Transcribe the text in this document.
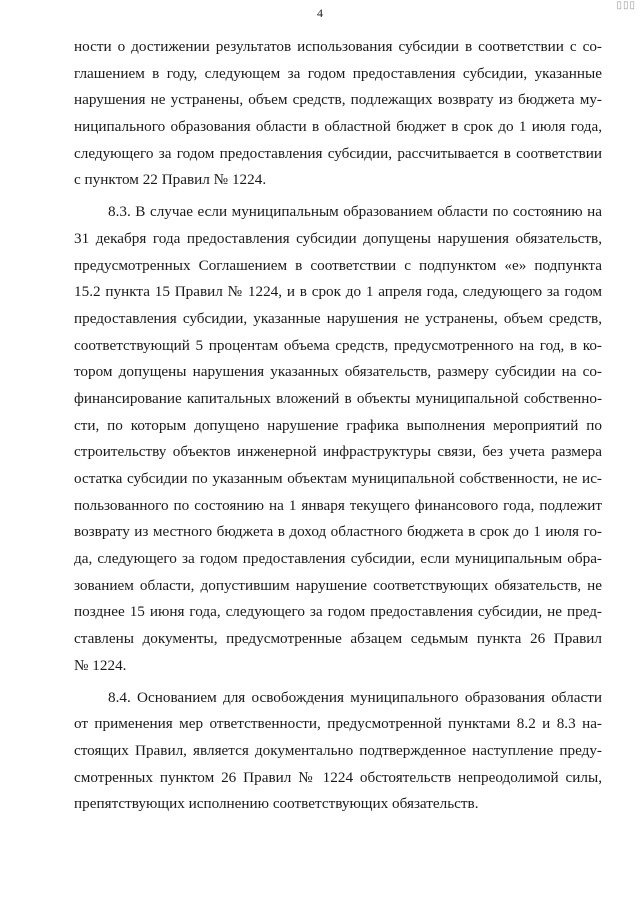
▯▯▯
4
ности о достижении результатов использования субсидии в соответствии с со-
глашением в году, следующем за годом предоставления субсидии, указанные
нарушения не устранены, объем средств, подлежащих возврату из бюджета му-
ниципального образования области в областной бюджет в срок до 1 июля года,
следующего за годом предоставления субсидии, рассчитывается в соответствии
с пунктом 22 Правил № 1224.
8.3. В случае если муниципальным образованием области по состоянию на
31 декабря года предоставления субсидии допущены нарушения обязательств,
предусмотренных Соглашением в соответствии с подпунктом «е» подпункта
15.2 пункта 15 Правил № 1224, и в срок до 1 апреля года, следующего за годом
предоставления субсидии, указанные нарушения не устранены, объем средств,
соответствующий 5 процентам объема средств, предусмотренного на год, в ко-
тором допущены нарушения указанных обязательств, размеру субсидии на со-
финансирование капитальных вложений в объекты муниципальной собственно-
сти, по которым допущено нарушение графика выполнения мероприятий по
строительству объектов инженерной инфраструктуры связи, без учета размера
остатка субсидии по указанным объектам муниципальной собственности, не ис-
пользованного по состоянию на 1 января текущего финансового года, подлежит
возврату из местного бюджета в доход областного бюджета в срок до 1 июля го-
да, следующего за годом предоставления субсидии, если муниципальным обра-
зованием области, допустившим нарушение соответствующих обязательств, не
позднее 15 июня года, следующего за годом предоставления субсидии, не пред-
ставлены документы, предусмотренные абзацем седьмым пункта 26 Правил
№ 1224.
8.4. Основанием для освобождения муниципального образования области
от применения мер ответственности, предусмотренной пунктами 8.2 и 8.3 на-
стоящих Правил, является документально подтвержденное наступление преду-
смотренных пунктом 26 Правил № 1224 обстоятельств непреодолимой силы,
препятствующих исполнению соответствующих обязательств.
